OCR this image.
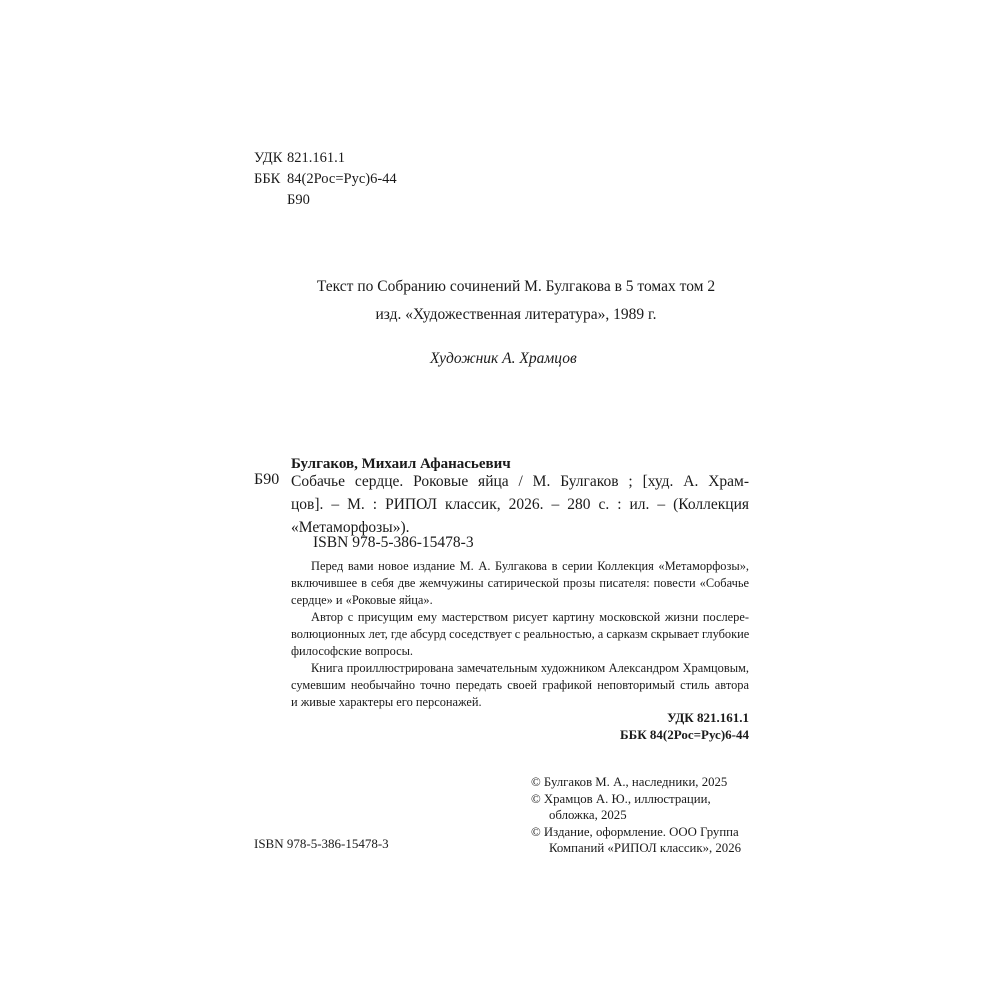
УДК 821.161.1
ББК 84(2Рос=Рус)6-44
Б90
Текст по Собранию сочинений М. Булгакова в 5 томах том 2
изд. «Художественная литература», 1989 г.
Художник А. Храмцов
Булгаков, Михаил Афанасьевич
Б90 Собачье сердце. Роковые яйца / М. Булгаков ; [худ. А. Храм-
цов]. – М. : РИПОЛ классик, 2026. – 280 с. : ил. – (Коллекция
«Метаморфозы»).
ISBN 978-5-386-15478-3
Перед вами новое издание М. А. Булгакова в серии Коллекция «Метаморфозы»,
включившее в себя две жемчужины сатирической прозы писателя: повести «Собачье
сердце» и «Роковые яйца».
Автор с присущим ему мастерством рисует картину московской жизни послере-
волюционных лет, где абсурд соседствует с реальностью, а сарказм скрывает глубокие
философские вопросы.
Книга проиллюстрирована замечательным художником Александром Храмцовым,
сумевшим необычайно точно передать своей графикой неповторимый стиль автора
и живые характеры его персонажей.
УДК 821.161.1
ББК 84(2Рос=Рус)6-44
© Булгаков М. А., наследники, 2025
© Храмцов А. Ю., иллюстрации,
обложка, 2025
© Издание, оформление. ООО Группа
Компаний «РИПОЛ классик», 2026
ISBN 978-5-386-15478-3
